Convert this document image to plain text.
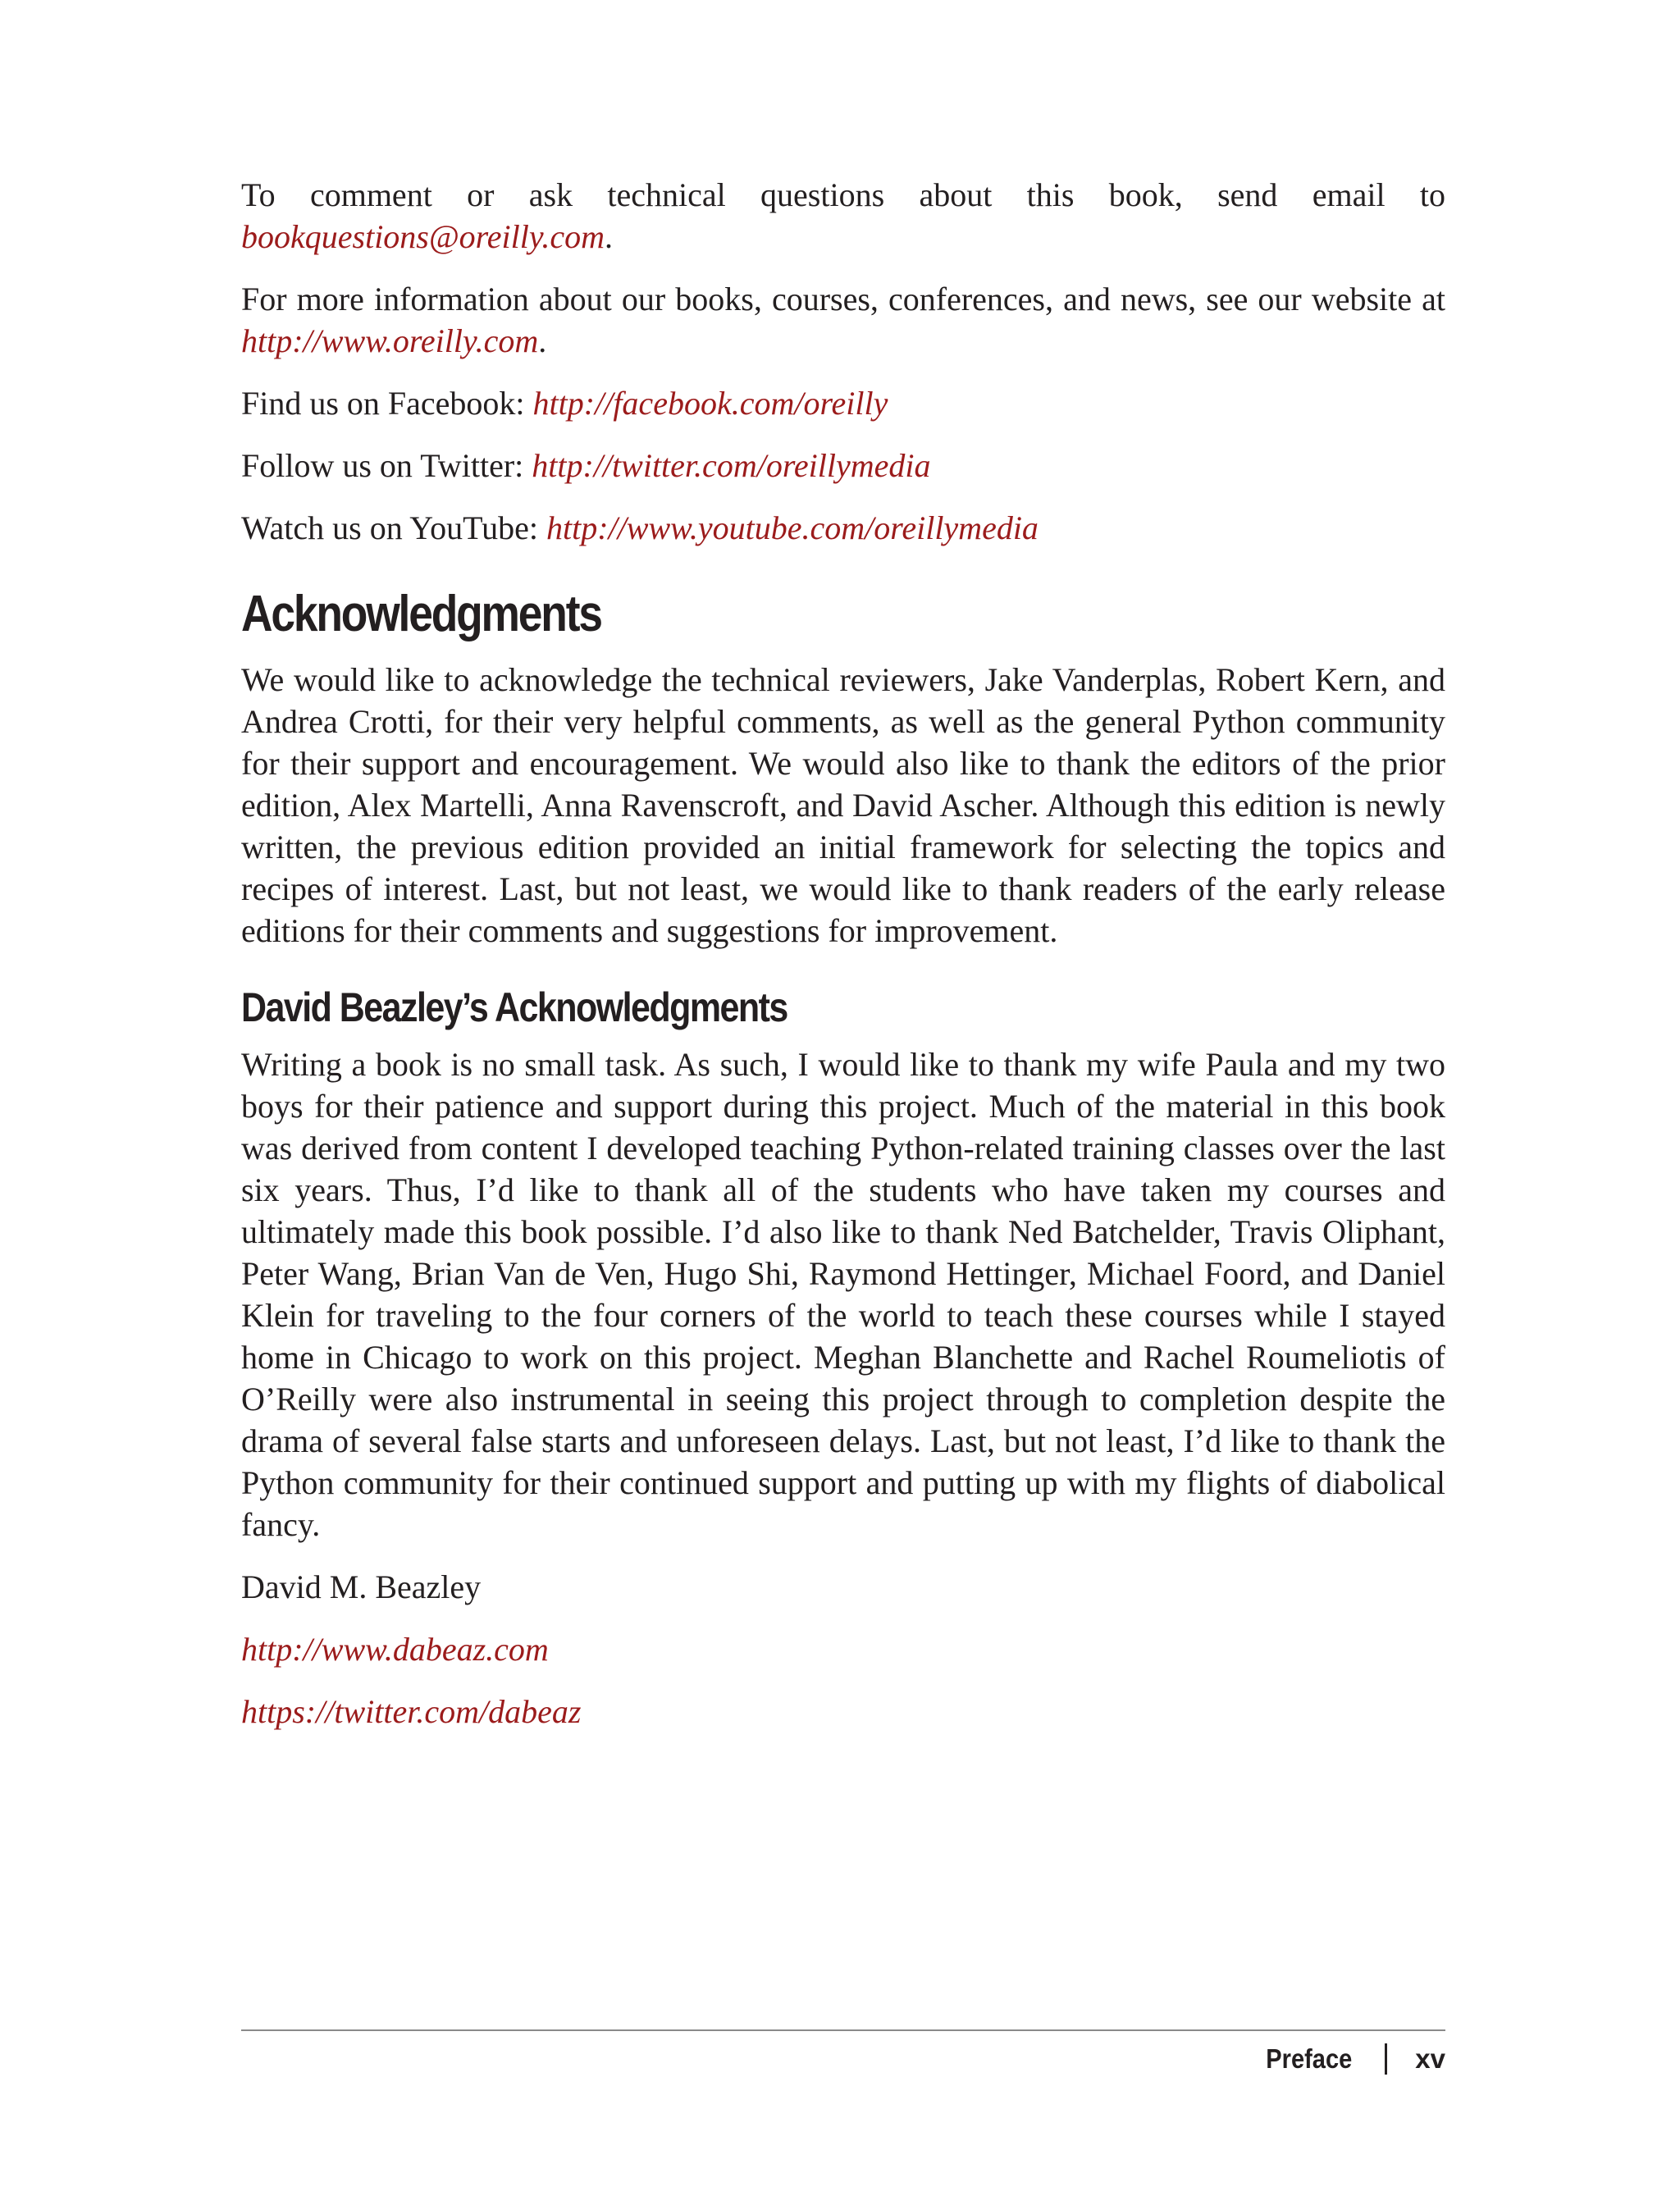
To comment or ask technical questions about this book, send email to bookquestions@oreilly.com.

For more information about our books, courses, conferences, and news, see our website at http://www.oreilly.com.

Find us on Facebook: http://facebook.com/oreilly

Follow us on Twitter: http://twitter.com/oreillymedia

Watch us on YouTube: http://www.youtube.com/oreillymedia

Acknowledgments

We would like to acknowledge the technical reviewers, Jake Vanderplas, Robert Kern, and Andrea Crotti, for their very helpful comments, as well as the general Python community for their support and encouragement. We would also like to thank the editors of the prior edition, Alex Martelli, Anna Ravenscroft, and David Ascher. Although this edition is newly written, the previous edition provided an initial framework for selecting the topics and recipes of interest. Last, but not least, we would like to thank readers of the early release editions for their comments and suggestions for improvement.

David Beazley’s Acknowledgments

Writing a book is no small task. As such, I would like to thank my wife Paula and my two boys for their patience and support during this project. Much of the material in this book was derived from content I developed teaching Python-related training classes over the last six years. Thus, I’d like to thank all of the students who have taken my courses and ultimately made this book possible. I’d also like to thank Ned Batchelder, Travis Oliphant, Peter Wang, Brian Van de Ven, Hugo Shi, Raymond Hettinger, Michael Foord, and Daniel Klein for traveling to the four corners of the world to teach these courses while I stayed home in Chicago to work on this project. Meghan Blanchette and Rachel Roumeliotis of O’Reilly were also instrumental in seeing this project through to completion despite the drama of several false starts and unforeseen delays. Last, but not least, I’d like to thank the Python community for their continued support and putting up with my flights of diabolical fancy.

David M. Beazley

http://www.dabeaz.com

https://twitter.com/dabeaz

Preface xv
